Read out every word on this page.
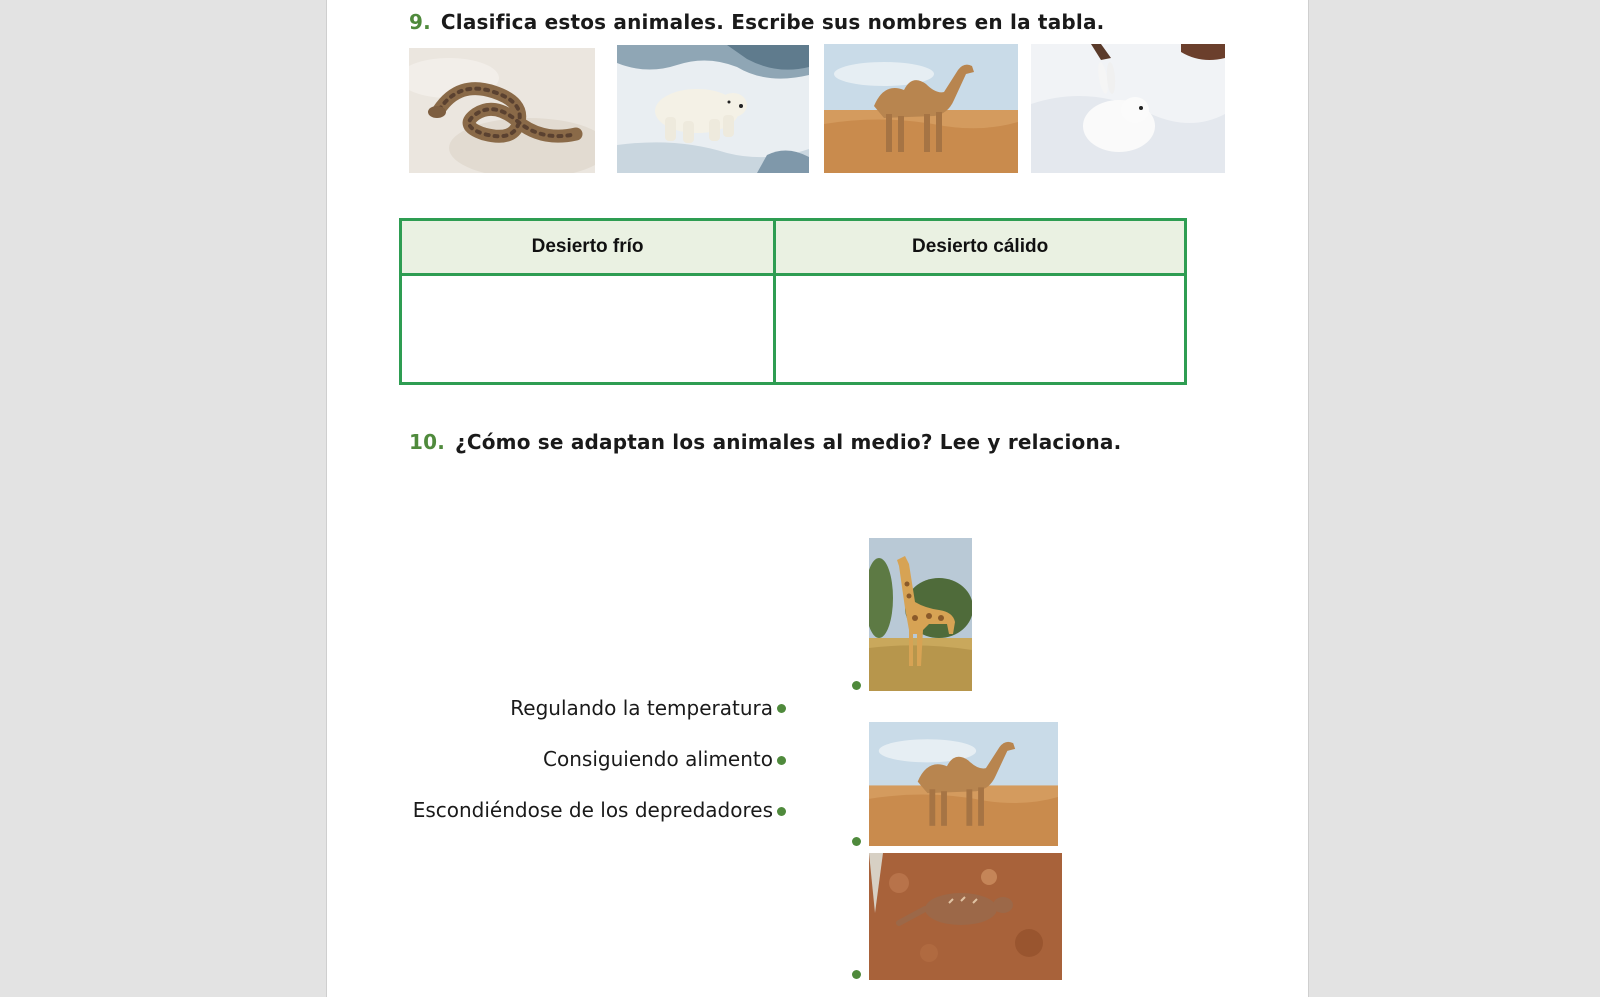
9. Clasifica estos animales. Escribe sus nombres en la tabla.
Desierto frío	Desierto cálido

10. ¿Cómo se adaptan los animales al medio? Lee y relaciona.
Regulando la temperatura
Consiguiendo alimento
Escondiéndose de los depredadores
